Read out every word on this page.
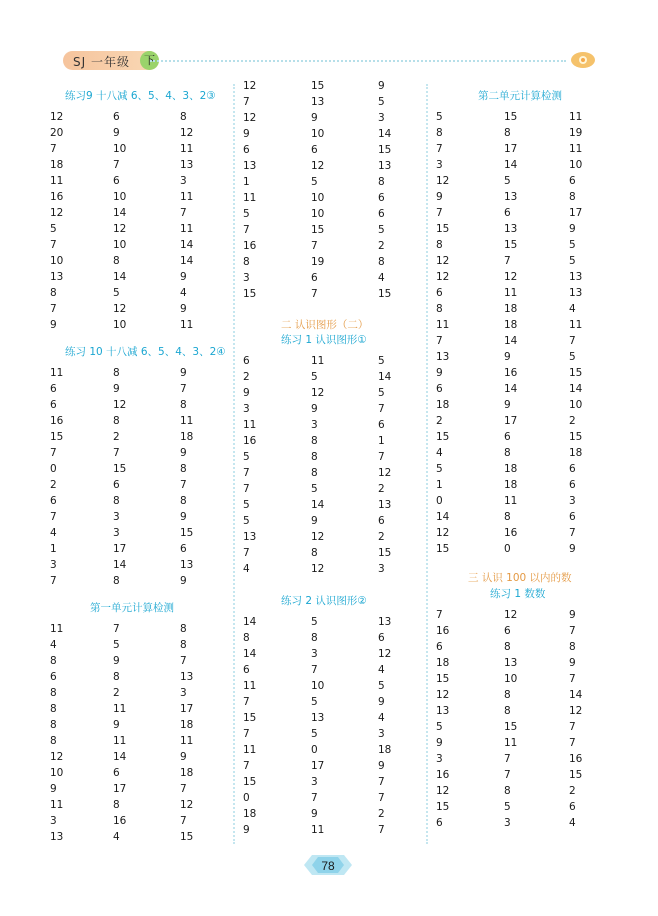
SJ 一年级	下
练习9 十八减 6、5、4、3、2③
12	6	8
20	9	12
7	10	11
18	7	13
11	6	3
16	10	11
12	14	7
5	12	11
7	10	14
10	8	14
13	14	9
8	5	4
7	12	9
9	10	11
练习 10 十八减 6、5、4、3、2④
11	8	9
6	9	7
6	12	8
16	8	11
15	2	18
7	7	9
0	15	8
2	6	7
6	8	8
7	3	9
4	3	15
1	17	6
3	14	13
7	8	9
第一单元计算检测
11	7	8
4	5	8
8	9	7
6	8	13
8	2	3
8	11	17
8	9	18
8	11	11
12	14	9
10	6	18
9	17	7
11	8	12
3	16	7
13	4	15
12	15	9
7	13	5
12	9	3
9	10	14
6	6	15
13	12	13
1	5	8
11	10	6
5	10	6
7	15	5
16	7	2
8	19	8
3	6	4
15	7	15
二 认识图形（二）
练习 1 认识图形①
6	11	5
2	5	14
9	12	5
3	9	7
11	3	6
16	8	1
5	8	7
7	8	12
7	5	2
5	14	13
5	9	6
13	12	2
7	8	15
4	12	3
练习 2 认识图形②
14	5	13
8	8	6
14	3	12
6	7	4
11	10	5
7	5	9
15	13	4
7	5	3
11	0	18
7	17	9
15	3	7
0	7	7
18	9	2
9	11	7
第二单元计算检测
5	15	11
8	8	19
7	17	11
3	14	10
12	5	6
9	13	8
7	6	17
15	13	9
8	15	5
12	7	5
12	12	13
6	11	13
8	18	4
11	18	11
7	14	7
13	9	5
9	16	15
6	14	14
18	9	10
2	17	2
15	6	15
4	8	18
5	18	6
1	18	6
0	11	3
14	8	6
12	16	7
15	0	9
三 认识 100 以内的数
练习 1 数数
7	12	9
16	6	7
6	8	8
18	13	9
15	10	7
12	8	14
13	8	12
5	15	7
9	11	7
3	7	16
16	7	15
12	8	2
15	5	6
6	3	4
78
